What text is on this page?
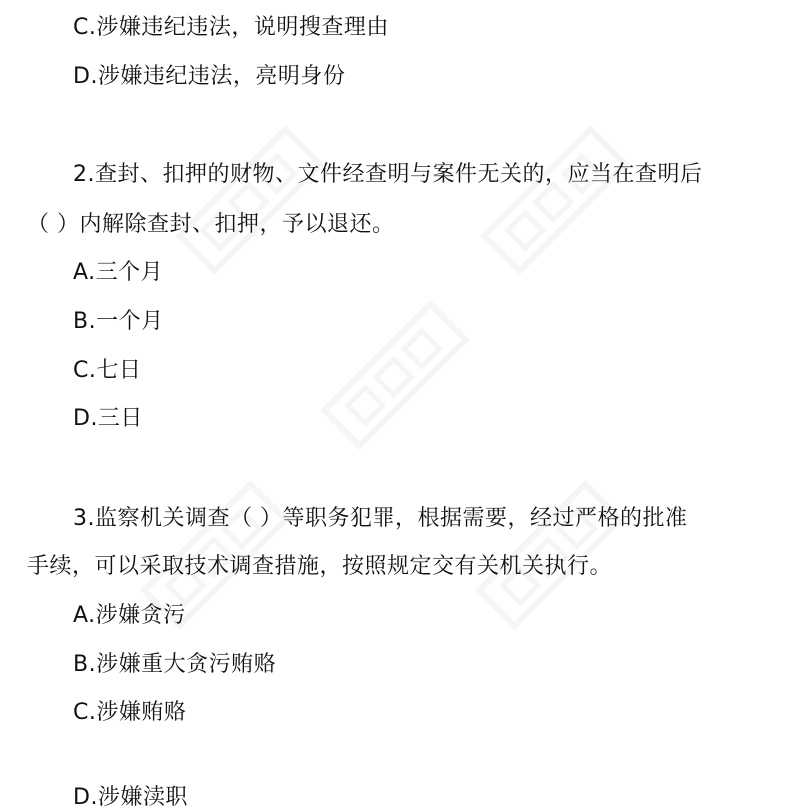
C.涉嫌违纪违法，说明搜查理由
D.涉嫌违纪违法，亮明身份
2.查封、扣押的财物、文件经查明与案件无关的，应当在查明后
（ ）内解除查封、扣押，予以退还。
A.三个月
B.一个月
C.七日
D.三日
3.监察机关调查（ ）等职务犯罪，根据需要，经过严格的批准
手续，可以采取技术调查措施，按照规定交有关机关执行。
A.涉嫌贪污
B.涉嫌重大贪污贿赂
C.涉嫌贿赂
D.涉嫌渎职
